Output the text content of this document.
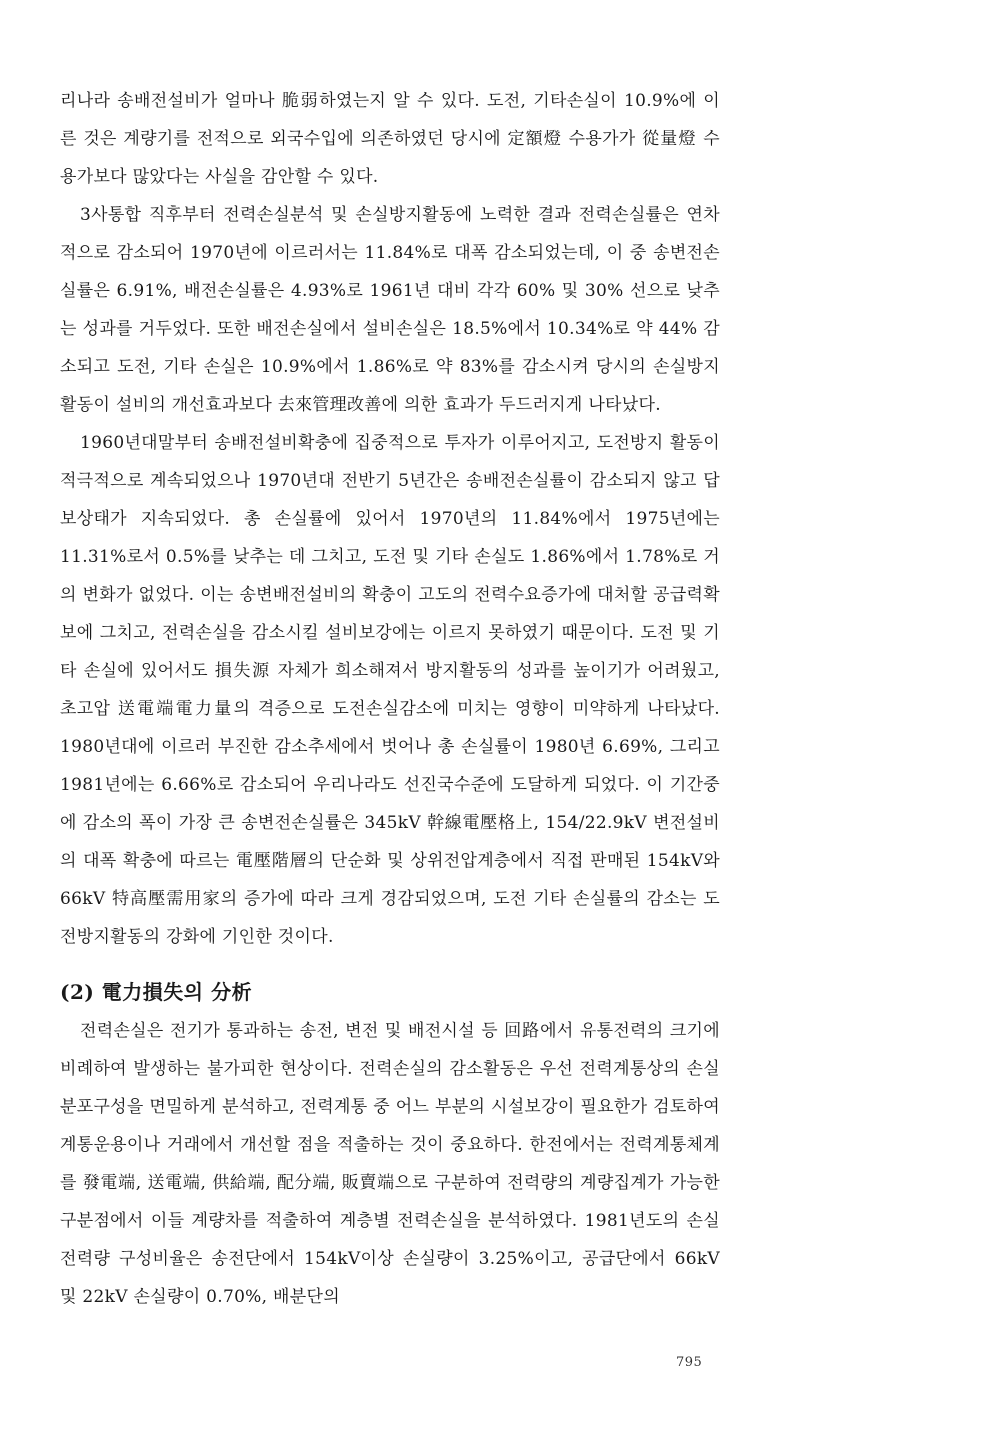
리나라 송배전설비가 얼마나 脆弱하였는지 알 수 있다. 도전, 기타손실이 10.9%에 이른 것은 계량기를 전적으로 외국수입에 의존하였던 당시에 定額燈 수용가가 從量燈 수용가보다 많았다는 사실을 감안할 수 있다.

3사통합 직후부터 전력손실분석 및 손실방지활동에 노력한 결과 전력손실률은 연차적으로 감소되어 1970년에 이르러서는 11.84%로 대폭 감소되었는데, 이 중 송변전손실률은 6.91%, 배전손실률은 4.93%로 1961년 대비 각각 60% 및 30% 선으로 낮추는 성과를 거두었다. 또한 배전손실에서 설비손실은 18.5%에서 10.34%로 약 44% 감소되고 도전, 기타 손실은 10.9%에서 1.86%로 약 83%를 감소시켜 당시의 손실방지활동이 설비의 개선효과보다 去來管理改善에 의한 효과가 두드러지게 나타났다.

1960년대말부터 송배전설비확충에 집중적으로 투자가 이루어지고, 도전방지 활동이 적극적으로 계속되었으나 1970년대 전반기 5년간은 송배전손실률이 감소되지 않고 답보상태가 지속되었다. 총 손실률에 있어서 1970년의 11.84%에서 1975년에는 11.31%로서 0.5%를 낮추는 데 그치고, 도전 및 기타 손실도 1.86%에서 1.78%로 거의 변화가 없었다. 이는 송변배전설비의 확충이 고도의 전력수요증가에 대처할 공급력확보에 그치고, 전력손실을 감소시킬 설비보강에는 이르지 못하였기 때문이다. 도전 및 기타 손실에 있어서도 損失源 자체가 희소해져서 방지활동의 성과를 높이기가 어려웠고, 초고압 送電端電力量의 격증으로 도전손실감소에 미치는 영향이 미약하게 나타났다. 1980년대에 이르러 부진한 감소추세에서 벗어나 총 손실률이 1980년 6.69%, 그리고 1981년에는 6.66%로 감소되어 우리나라도 선진국수준에 도달하게 되었다. 이 기간중에 감소의 폭이 가장 큰 송변전손실률은 345kV 幹線電壓格上, 154/22.9kV 변전설비의 대폭 확충에 따르는 電壓階層의 단순화 및 상위전압계층에서 직접 판매된 154kV와 66kV 特高壓需用家의 증가에 따라 크게 경감되었으며, 도전 기타 손실률의 감소는 도전방지활동의 강화에 기인한 것이다.

(2) 電力損失의 分析

전력손실은 전기가 통과하는 송전, 변전 및 배전시설 등 回路에서 유통전력의 크기에 비례하여 발생하는 불가피한 현상이다. 전력손실의 감소활동은 우선 전력계통상의 손실분포구성을 면밀하게 분석하고, 전력계통 중 어느 부분의 시설보강이 필요한가 검토하여 계통운용이나 거래에서 개선할 점을 적출하는 것이 중요하다. 한전에서는 전력계통체계를 發電端, 送電端, 供給端, 配分端, 販賣端으로 구분하여 전력량의 계량집계가 가능한 구분점에서 이들 계량차를 적출하여 계층별 전력손실을 분석하였다. 1981년도의 손실전력량 구성비율은 송전단에서 154kV이상 손실량이 3.25%이고, 공급단에서 66kV 및 22kV 손실량이 0.70%, 배분단의

795
